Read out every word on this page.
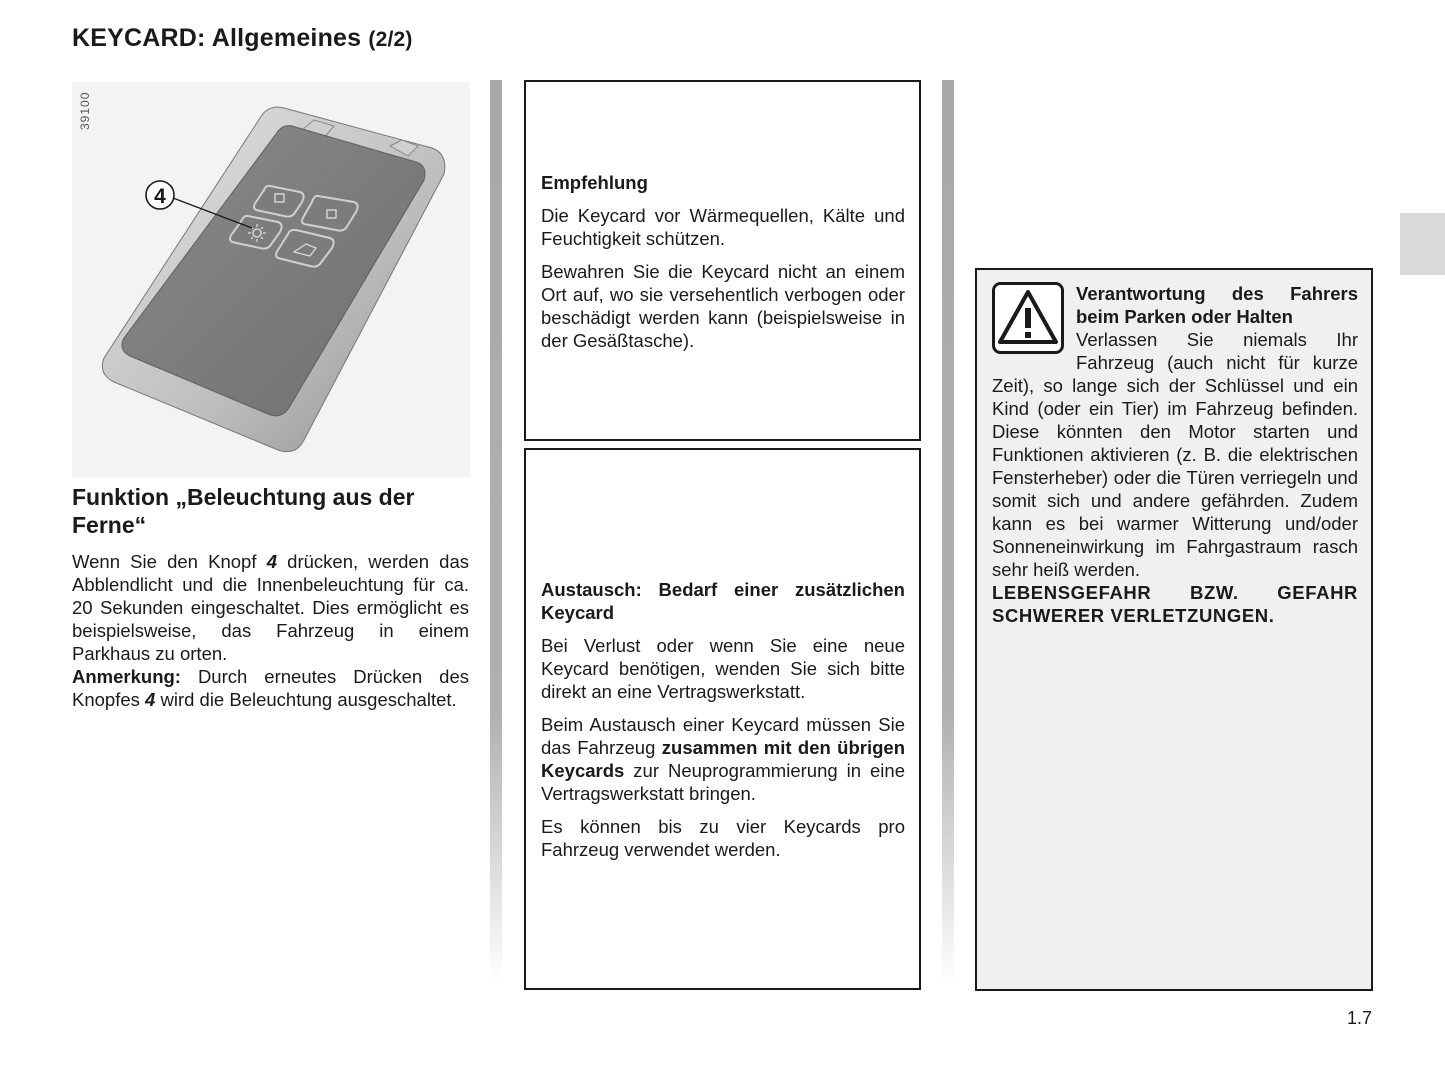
KEYCARD: Allgemeines (2/2)
39100
4
Funktion „Beleuchtung aus der Ferne“

Wenn Sie den Knopf 4 drücken, werden das Abblendlicht und die Innenbeleuchtung für ca. 20 Sekunden eingeschaltet. Dies ermöglicht es beispielsweise, das Fahrzeug in einem Parkhaus zu orten.

Anmerkung: Durch erneutes Drücken des Knopfes 4 wird die Beleuchtung ausgeschaltet.

Empfehlung

Die Keycard vor Wärmequellen, Kälte und Feuchtigkeit schützen.

Bewahren Sie die Keycard nicht an einem Ort auf, wo sie versehentlich verbogen oder beschädigt werden kann (beispielsweise in der Gesäßtasche).

Austausch: Bedarf einer zusätzlichen Keycard

Bei Verlust oder wenn Sie eine neue Keycard benötigen, wenden Sie sich bitte direkt an eine Vertragswerkstatt.

Beim Austausch einer Keycard müssen Sie das Fahrzeug zusammen mit den übrigen Keycards zur Neuprogrammierung in eine Vertragswerkstatt bringen.

Es können bis zu vier Keycards pro Fahrzeug verwendet werden.

Verantwortung des Fahrers beim Parken oder Halten
Verlassen Sie niemals Ihr Fahrzeug (auch nicht für kurze Zeit), so lange sich der Schlüssel und ein Kind (oder ein Tier) im Fahrzeug befinden. Diese könnten den Motor starten und Funktionen aktivieren (z. B. die elektrischen Fensterheber) oder die Türen verriegeln und somit sich und andere gefährden. Zudem kann es bei warmer Witterung und/oder Sonneneinwirkung im Fahrgastraum rasch sehr heiß werden.
LEBENSGEFAHR BZW. GEFAHR SCHWERER VERLETZUNGEN.
1.7
